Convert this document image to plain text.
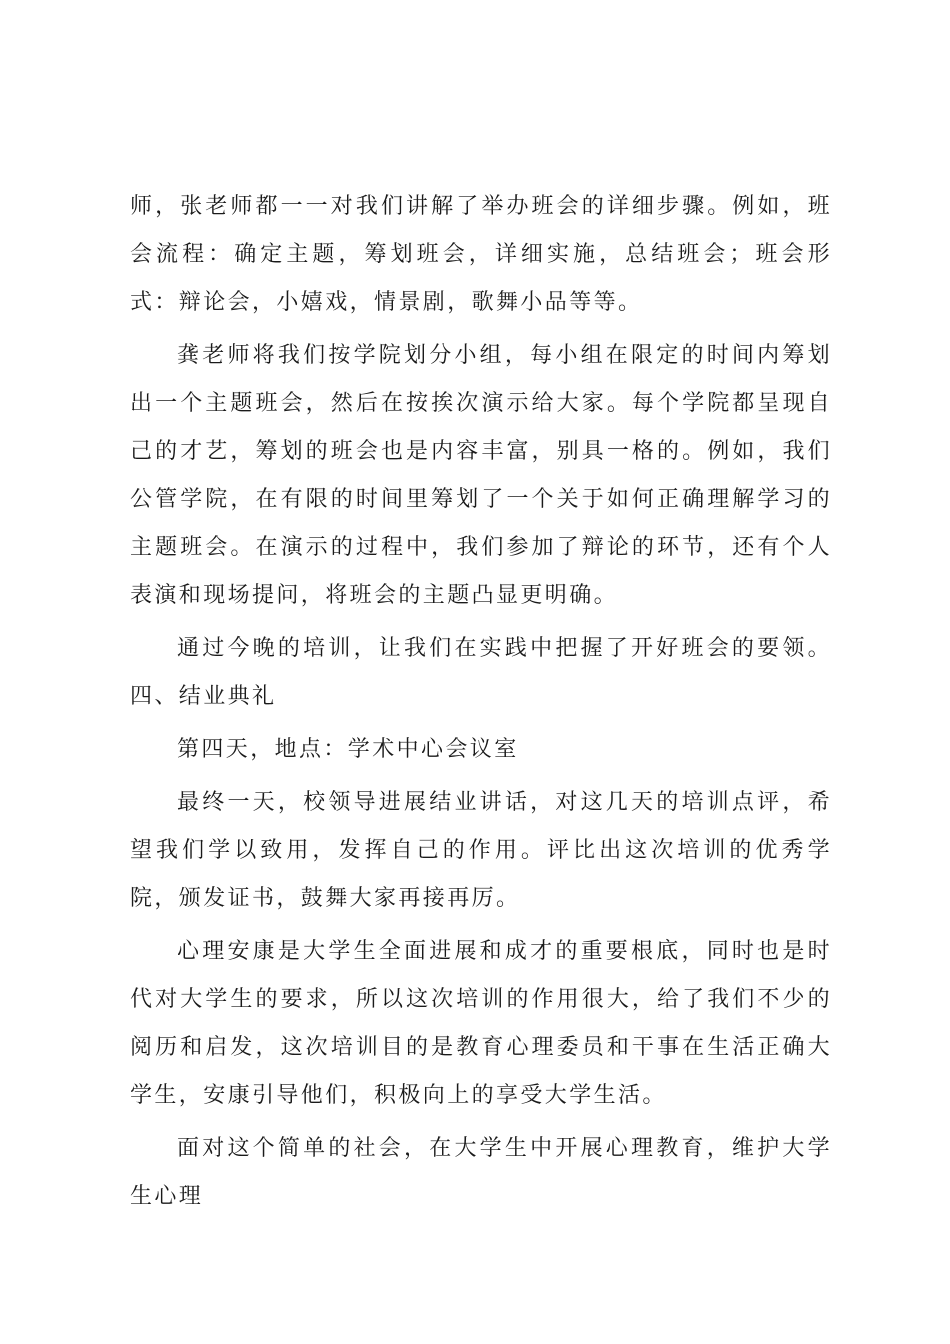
师，张老师都一一对我们讲解了举办班会的详细步骤。例如，班会流程：确定主题，筹划班会，详细实施，总结班会；班会形式：辩论会，小嬉戏，情景剧，歌舞小品等等。

龚老师将我们按学院划分小组，每小组在限定的时间内筹划出一个主题班会，然后在按挨次演示给大家。每个学院都呈现自己的才艺，筹划的班会也是内容丰富，别具一格的。例如，我们公管学院，在有限的时间里筹划了一个关于如何正确理解学习的主题班会。在演示的过程中，我们参加了辩论的环节，还有个人表演和现场提问，将班会的主题凸显更明确。

通过今晚的培训，让我们在实践中把握了开好班会的要领。四、结业典礼

第四天，地点：学术中心会议室

最终一天，校领导进展结业讲话，对这几天的培训点评，希望我们学以致用，发挥自己的作用。评比出这次培训的优秀学院，颁发证书，鼓舞大家再接再厉。

心理安康是大学生全面进展和成才的重要根底，同时也是时代对大学生的要求，所以这次培训的作用很大，给了我们不少的阅历和启发，这次培训目的是教育心理委员和干事在生活正确大学生，安康引导他们，积极向上的享受大学生活。

面对这个简单的社会，在大学生中开展心理教育，维护大学生心理
